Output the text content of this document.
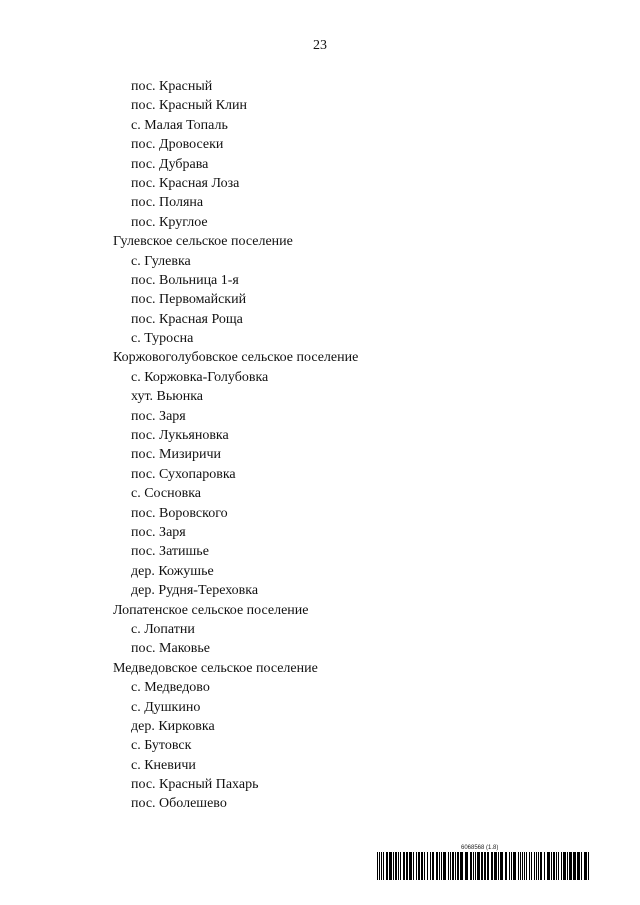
23
пос. Красный
пос. Красный Клин
с. Малая Топаль
пос. Дровосеки
пос. Дубрава
пос. Красная Лоза
пос. Поляна
пос. Круглое
Гулевское сельское поселение
с. Гулевка
пос. Вольница 1-я
пос. Первомайский
пос. Красная Роща
с. Туросна
Коржовоголубовское сельское поселение
с. Коржовка-Голубовка
хут. Вьюнка
пос. Заря
пос. Лукьяновка
пос. Мизиричи
пос. Сухопаровка
с. Сосновка
пос. Воровского
пос. Заря
пос. Затишье
дер. Кожушье
дер. Рудня-Тереховка
Лопатенское сельское поселение
с. Лопатни
пос. Маковье
Медведовское сельское поселение
с. Медведово
с. Душкино
дер. Кирковка
с. Бутовск
с. Кневичи
пос. Красный Пахарь
пос. Оболешево
6068568 (1.8)
